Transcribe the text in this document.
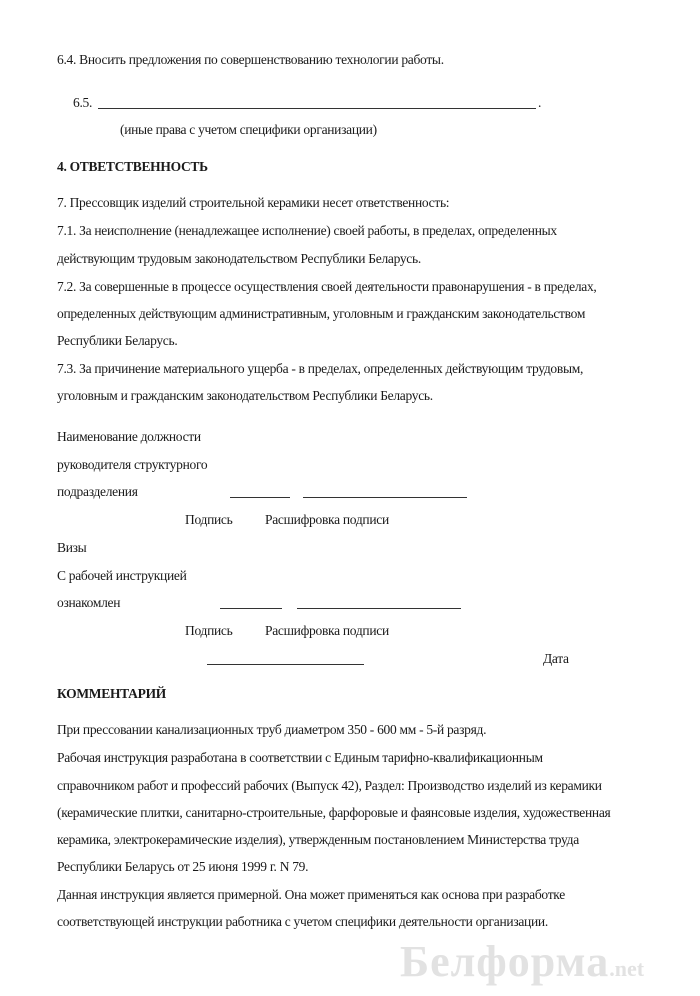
Белформа.net
6.4. Вносить предложения по совершенствованию технологии работы.
6.5.	.
(иные права с учетом специфики организации)
4. ОТВЕТСТВЕННОСТЬ
7. Прессовщик изделий строительной керамики несет ответственность:
7.1. За неисполнение (ненадлежащее исполнение) своей работы, в пределах, определенных
действующим трудовым законодательством Республики Беларусь.
7.2. За совершенные в процессе осуществления своей деятельности правонарушения - в пределах,
определенных действующим административным, уголовным и гражданским законодательством
Республики Беларусь.
7.3. За причинение материального ущерба - в пределах, определенных действующим трудовым,
уголовным и гражданским законодательством Республики Беларусь.
Наименование должности
руководителя структурного
подразделения
Подпись Расшифровка подписи
Визы
С рабочей инструкцией
ознакомлен
Подпись Расшифровка подписи
Дата
КОММЕНТАРИЙ
При прессовании канализационных труб диаметром 350 - 600 мм - 5-й разряд.
Рабочая инструкция разработана в соответствии с Единым тарифно-квалификационным
справочником работ и профессий рабочих (Выпуск 42), Раздел: Производство изделий из керамики
(керамические плитки, санитарно-строительные, фарфоровые и фаянсовые изделия, художественная
керамика, электрокерамические изделия), утвержденным постановлением Министерства труда
Республики Беларусь от 25 июня 1999 г. N 79.
Данная инструкция является примерной. Она может применяться как основа при разработке
соответствующей инструкции работника с учетом специфики деятельности организации.
